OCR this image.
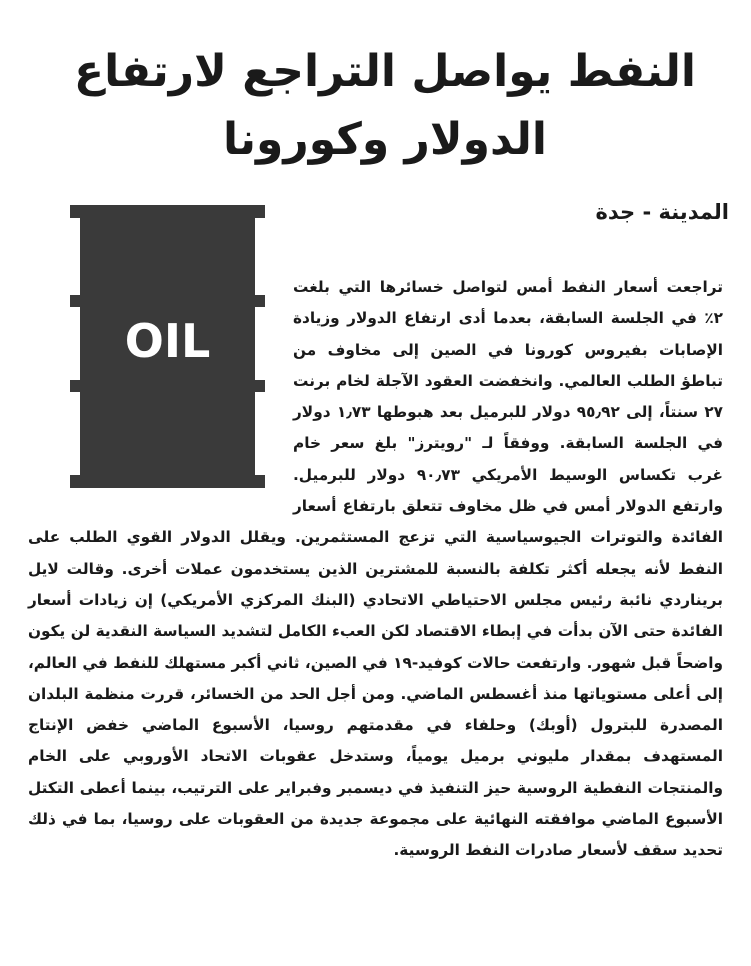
النفط يواصل التراجع لارتفاع
الدولار وكورونا
المدينة - جدة
OIL

تراجعت أسعار النفط أمس لتواصل خسائرها التي بلغت ٢٪ في الجلسة السابقة، بعدما أدى ارتفاع الدولار وزيادة الإصابات بفيروس كورونا في الصين إلى مخاوف من تباطؤ الطلب العالمي. وانخفضت العقود الآجلة لخام برنت ٢٧ سنتاً، إلى ٩٥٫٩٢ دولار للبرميل بعد هبوطها ١٫٧٣ دولار في الجلسة السابقة. ووفقاً لـ "رويترز" بلغ سعر خام غرب تكساس الوسيط الأمريكي ٩٠٫٧٣ دولار للبرميل. وارتفع الدولار أمس في ظل مخاوف تتعلق بارتفاع أسعار الفائدة والتوترات الجيوسياسية التي تزعج المستثمرين. ويقلل الدولار القوي الطلب على النفط لأنه يجعله أكثر تكلفة بالنسبة للمشترين الذين يستخدمون عملات أخرى. وقالت لايل بريناردي نائبة رئيس مجلس الاحتياطي الاتحادي (البنك المركزي الأمريكي) إن زيادات أسعار الفائدة حتى الآن بدأت في إبطاء الاقتصاد لكن العبء الكامل لتشديد السياسة النقدية لن يكون واضحاً قبل شهور. وارتفعت حالات كوفيد-١٩ في الصين، ثاني أكبر مستهلك للنفط في العالم، إلى أعلى مستوياتها منذ أغسطس الماضي. ومن أجل الحد من الخسائر، قررت منظمة البلدان المصدرة للبترول (أوبك) وحلفاء في مقدمتهم روسيا، الأسبوع الماضي خفض الإنتاج المستهدف بمقدار مليوني برميل يومياً، وستدخل عقوبات الاتحاد الأوروبي على الخام والمنتجات النفطية الروسية حيز التنفيذ في ديسمبر وفبراير على الترتيب، بينما أعطى التكتل الأسبوع الماضي موافقته النهائية على مجموعة جديدة من العقوبات على روسيا، بما في ذلك تحديد سقف لأسعار صادرات النفط الروسية.
